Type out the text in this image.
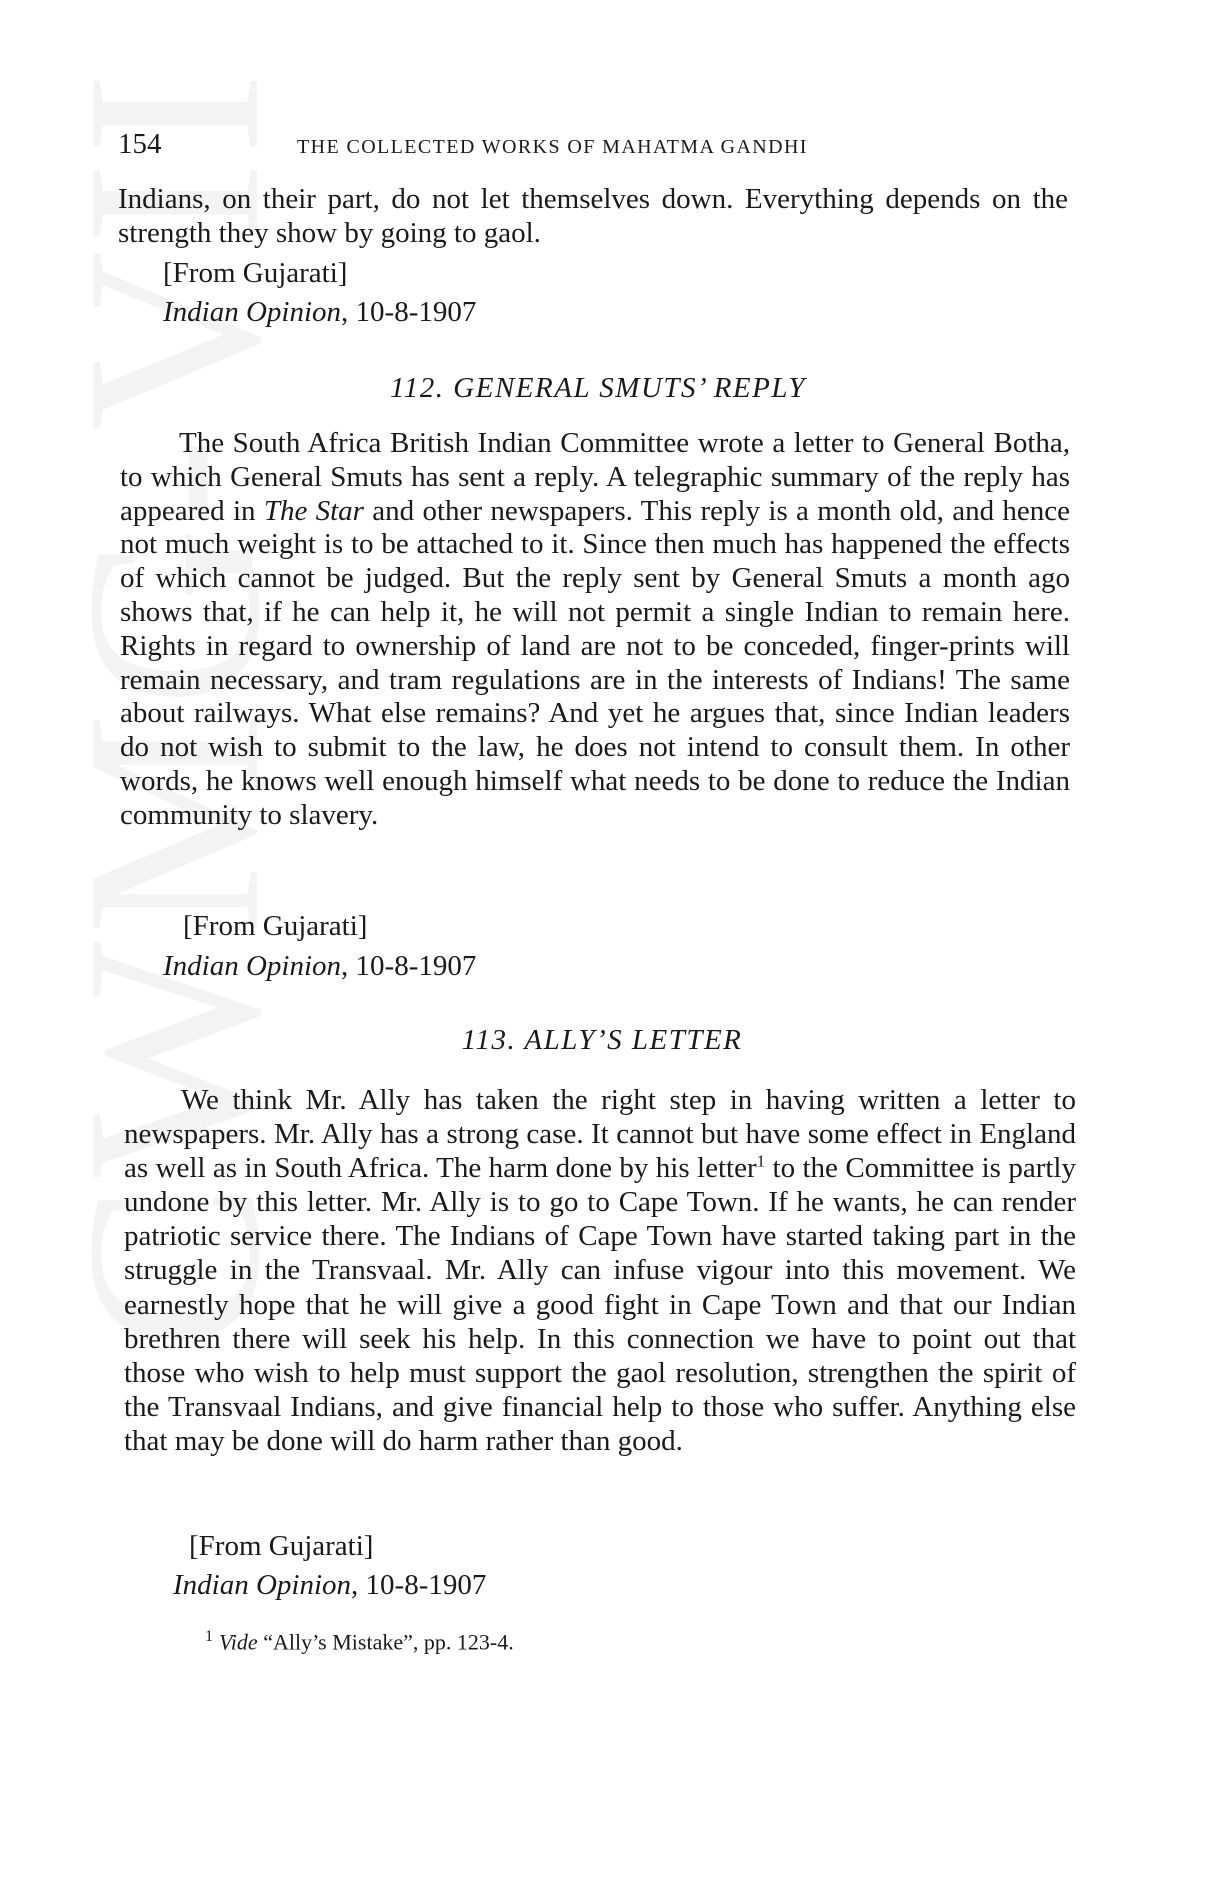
154	THE COLLECTED WORKS OF MAHATMA GANDHI

Indians, on their part, do not let themselves down. Everything depends on the strength they show by going to gaol.

[From Gujarati]
Indian Opinion, 10-8-1907
112. GENERAL SMUTS’ REPLY

The South Africa British Indian Committee wrote a letter to General Botha, to which General Smuts has sent a reply. A telegraphic summary of the reply has appeared in The Star and other newspapers. This reply is a month old, and hence not much weight is to be attached to it. Since then much has happened the effects of which cannot be judged. But the reply sent by General Smuts a month ago shows that, if he can help it, he will not permit a single Indian to remain here. Rights in regard to ownership of land are not to be conceded, finger-prints will remain necessary, and tram regulations are in the interests of Indians! The same about railways. What else remains? And yet he argues that, since Indian leaders do not wish to submit to the law, he does not intend to consult them. In other words, he knows well enough himself what needs to be done to reduce the Indian community to slavery.

[From Gujarati]
Indian Opinion, 10-8-1907
113. ALLY’S LETTER

We think Mr. Ally has taken the right step in having written a letter to newspapers. Mr. Ally has a strong case. It cannot but have some effect in England as well as in South Africa. The harm done by his letter$^1$ to the Committee is partly undone by this letter. Mr. Ally is to go to Cape Town. If he wants, he can render patriotic service there. The Indians of Cape Town have started taking part in the struggle in the Transvaal. Mr. Ally can infuse vigour into this movement. We earnestly hope that he will give a good fight in Cape Town and that our Indian brethren there will seek his help. In this connection we have to point out that those who wish to help must support the gaol resolution, strengthen the spirit of the Transvaal Indians, and give financial help to those who suffer. Anything else that may be done will do harm rather than good.

[From Gujarati]
Indian Opinion, 10-8-1907
$^1$ Vide “Ally’s Mistake”, pp. 123-4.
